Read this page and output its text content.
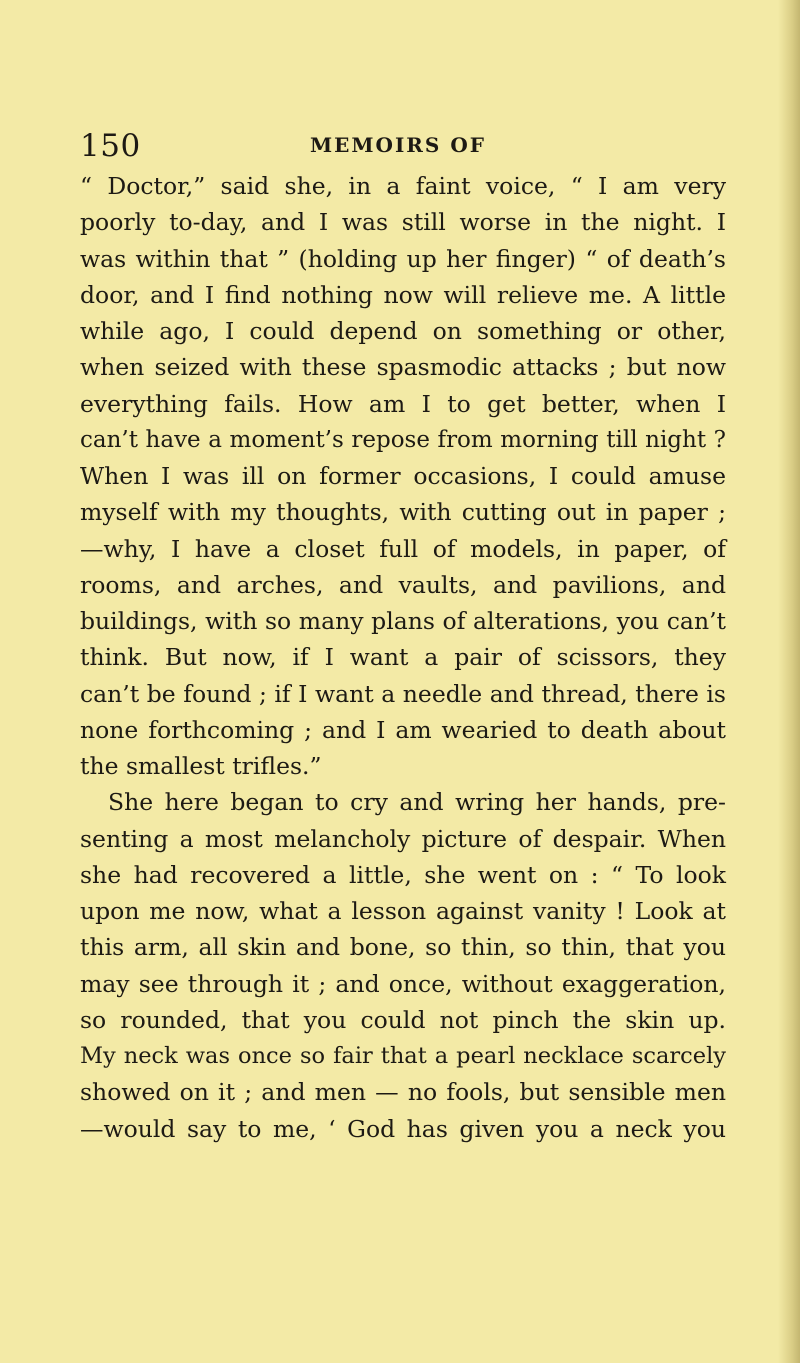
150	MEMOIRS OF
“ Doctor,” said she, in a faint voice, “ I am very
poorly to-day, and I was still worse in the night. I
was within that ” (holding up her finger) “ of death’s
door, and I find nothing now will relieve me. A little
while ago, I could depend on something or other,
when seized with these spasmodic attacks ; but now
everything fails. How am I to get better, when I
can’t have a moment’s repose from morning till night ?
When I was ill on former occasions, I could amuse
myself with my thoughts, with cutting out in paper ;
—why, I have a closet full of models, in paper, of
rooms, and arches, and vaults, and pavilions, and
buildings, with so many plans of alterations, you can’t
think. But now, if I want a pair of scissors, they
can’t be found ; if I want a needle and thread, there is
none forthcoming ; and I am wearied to death about
the smallest trifles.”
She here began to cry and wring her hands, pre-
senting a most melancholy picture of despair. When
she had recovered a little, she went on : “ To look
upon me now, what a lesson against vanity ! Look at
this arm, all skin and bone, so thin, so thin, that you
may see through it ; and once, without exaggeration,
so rounded, that you could not pinch the skin up.
My neck was once so fair that a pearl necklace scarcely
showed on it ; and men — no fools, but sensible men
—would say to me, ‘ God has given you a neck you
